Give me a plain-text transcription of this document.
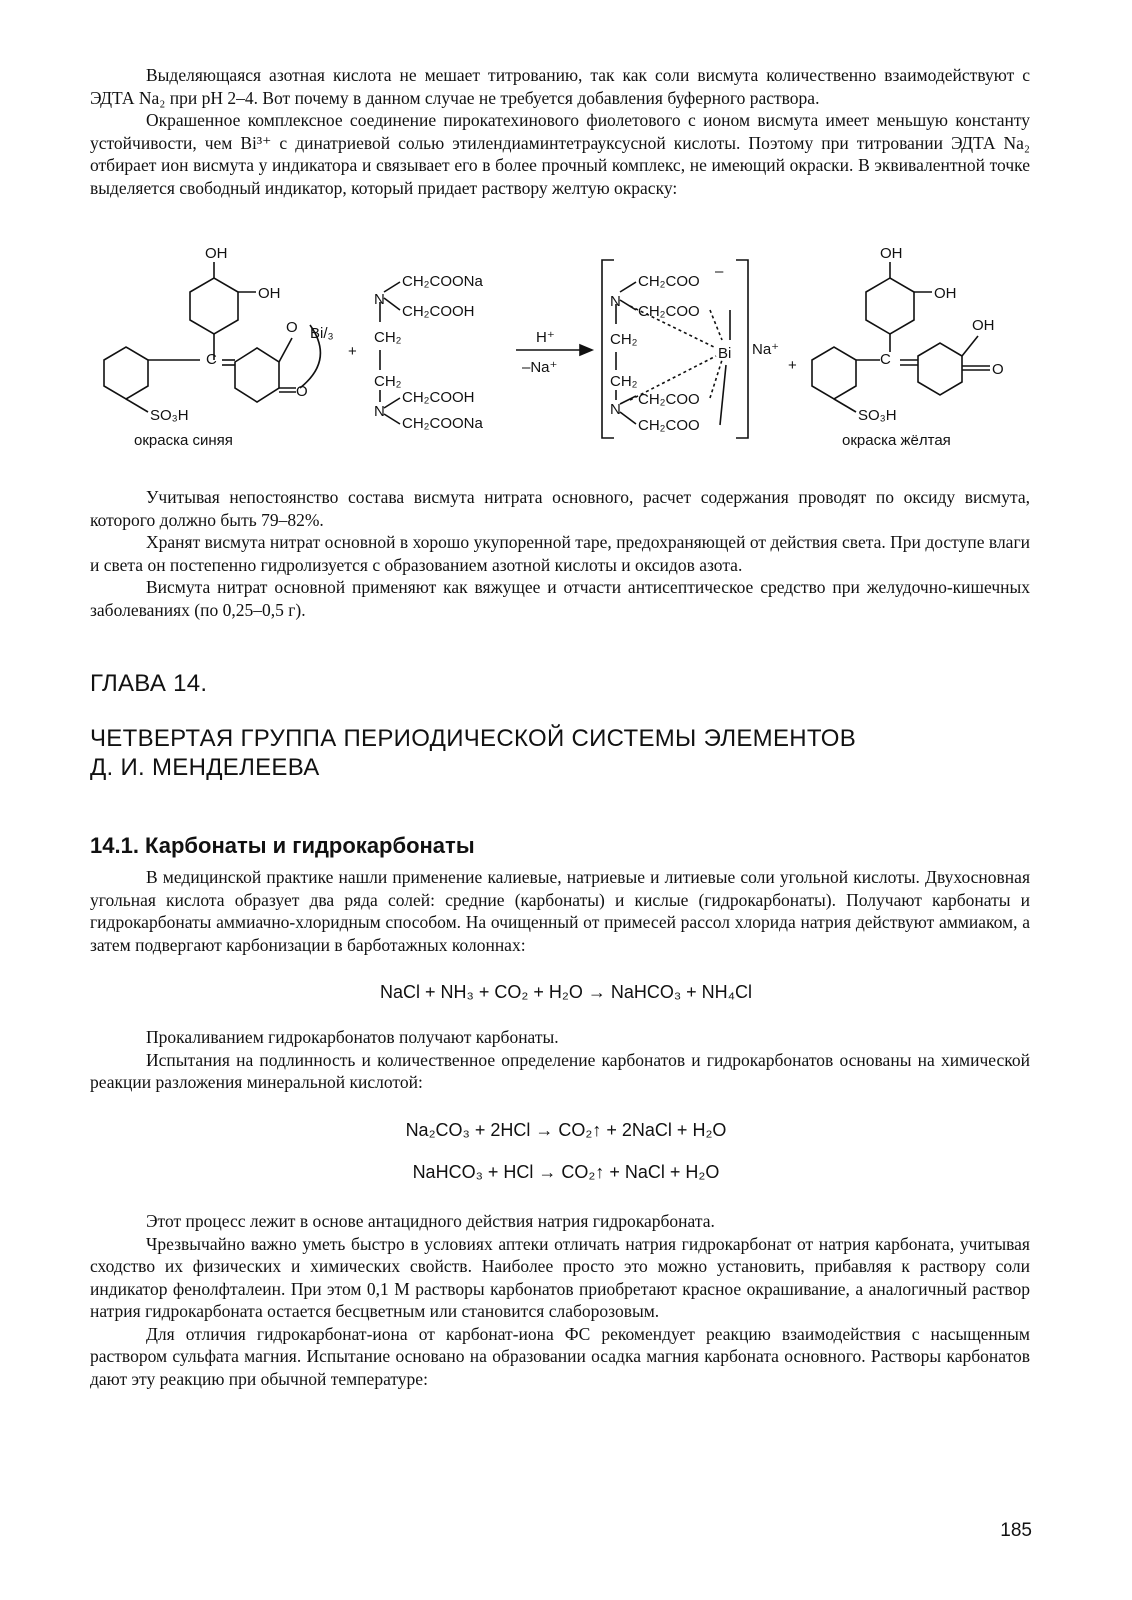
Выделяющаяся азотная кислота не мешает титрованию, так как соли висмута количественно взаимодействуют с ЭДТА Na₂ при pH 2–4. Вот почему в данном случае не требуется добавления буферного раствора.

Окрашенное комплексное соединение пирокатехинового фиолетового с ионом висмута имеет меньшую константу устойчивости, чем Bi³⁺ с динатриевой солью этилендиаминтетрауксусной кислоты. Поэтому при титровании ЭДТА Na₂ отбирает ион висмута у индикатора и связывает его в более прочный комплекс, не имеющий окраски. В эквивалентной точке выделяется свободный индикатор, который придает раствору желтую окраску:

OH
OH
C
O Bi/₃
O
SO₃H
окраска синяя
+
N
CH₂COONa
CH₂COOH
CH₂
CH₂
N
CH₂COOH
CH₂COONa
H⁺
–Na⁺
N
CH₂COO
–
CH₂COO
CH₂
CH₂
N
CH₂COO
CH₂COO
Bi Na⁺
+
OH
OH
C
OH
O
SO₃H
окраска жёлтая

Учитывая непостоянство состава висмута нитрата основного, расчет содержания проводят по оксиду висмута, которого должно быть 79–82%.

Хранят висмута нитрат основной в хорошо укупоренной таре, предохраняющей от действия света. При доступе влаги и света он постепенно гидролизуется с образованием азотной кислоты и оксидов азота.

Висмута нитрат основной применяют как вяжущее и отчасти антисептическое средство при желудочно-кишечных заболеваниях (по 0,25–0,5 г).

ГЛАВА 14.
ЧЕТВЕРТАЯ ГРУППА ПЕРИОДИЧЕСКОЙ СИСТЕМЫ ЭЛЕМЕНТОВ
Д. И. МЕНДЕЛЕЕВА
14.1. Карбонаты и гидрокарбонаты

В медицинской практике нашли применение калиевые, натриевые и литиевые соли угольной кислоты. Двухосновная угольная кислота образует два ряда солей: средние (карбонаты) и кислые (гидрокарбонаты). Получают карбонаты и гидрокарбонаты аммиачно-хлоридным способом. На очищенный от примесей рассол хлорида натрия действуют аммиаком, а затем подвергают карбонизации в барботажных колоннах:

NaCl + NH₃ + CO₂ + H₂O → NaHCO₃ + NH₄Cl

Прокаливанием гидрокарбонатов получают карбонаты.

Испытания на подлинность и количественное определение карбонатов и гидрокарбонатов основаны на химической реакции разложения минеральной кислотой:

Na₂CO₃ + 2HCl → CO₂↑ + 2NaCl + H₂O
NaHCO₃ + HCl → CO₂↑ + NaCl + H₂O

Этот процесс лежит в основе антацидного действия натрия гидрокарбоната.

Чрезвычайно важно уметь быстро в условиях аптеки отличать натрия гидрокарбонат от натрия карбоната, учитывая сходство их физических и химических свойств. Наиболее просто это можно установить, прибавляя к раствору соли индикатор фенолфталеин. При этом 0,1 М растворы карбонатов приобретают красное окрашивание, а аналогичный раствор натрия гидрокарбоната остается бесцветным или становится слаборозовым.

Для отличия гидрокарбонат-иона от карбонат-иона ФС рекомендует реакцию взаимодействия с насыщенным раствором сульфата магния. Испытание основано на образовании осадка магния карбоната основного. Растворы карбонатов дают эту реакцию при обычной температуре:

185
